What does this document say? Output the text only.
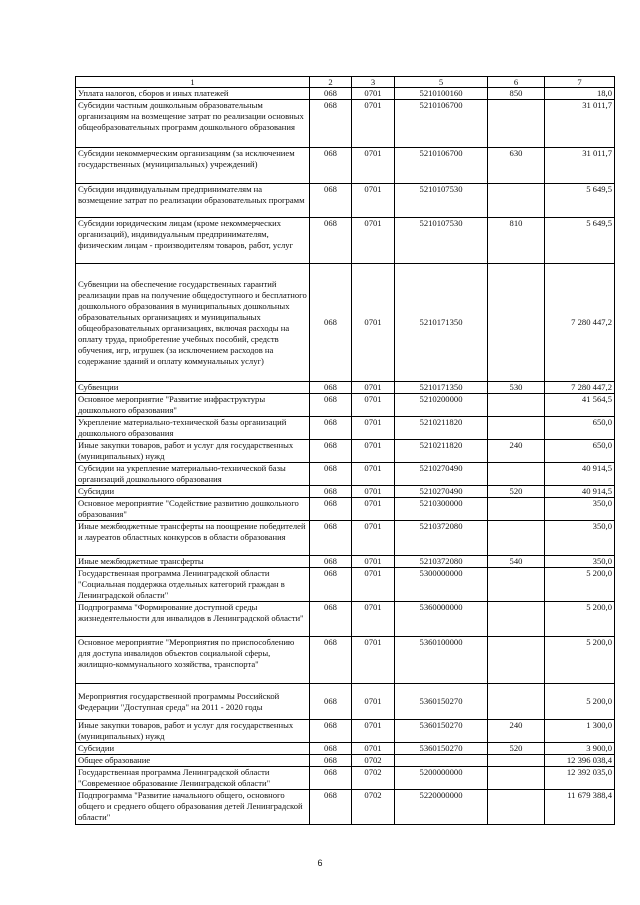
1	2	3	5	6	7
Уплата налогов, сборов и иных платежей	068	0701	5210100160	850	18,0
Субсидии частным дошкольным образовательным организациям на возмещение затрат по реализации основных общеобразовательных программ дошкольного образования	068	0701	5210106700		31 011,7
Субсидии некоммерческим организациям (за исключением государственных (муниципальных) учреждений)	068	0701	5210106700	630	31 011,7
Субсидии индивидуальным предпринимателям на возмещение затрат по реализации образовательных программ	068	0701	5210107530		5 649,5
Субсидии юридическим лицам (кроме некоммерческих организаций), индивидуальным предпринимателям, физическим лицам - производителям товаров, работ, услуг	068	0701	5210107530	810	5 649,5
Субвенции на обеспечение государственных гарантий реализации прав на получение общедоступного и бесплатного дошкольного образования в муниципальных дошкольных образовательных организациях и муниципальных общеобразовательных организациях, включая расходы на оплату труда, приобретение учебных пособий, средств обучения, игр, игрушек (за исключением расходов на содержание зданий и оплату коммунальных услуг)	068	0701	5210171350		7 280 447,2
Субвенции	068	0701	5210171350	530	7 280 447,2
Основное мероприятие "Развитие инфраструктуры дошкольного образования"	068	0701	5210200000		41 564,5
Укрепление материально-технической базы организаций дошкольного образования	068	0701	5210211820		650,0
Иные закупки товаров, работ и услуг для государственных (муниципальных) нужд	068	0701	5210211820	240	650,0
Субсидии на укрепление материально-технической базы организаций дошкольного образования	068	0701	5210270490		40 914,5
Субсидии	068	0701	5210270490	520	40 914,5
Основное мероприятие "Содействие развитию дошкольного образования"	068	0701	5210300000		350,0
Иные межбюджетные трансферты на поощрение победителей и лауреатов областных конкурсов в области образования	068	0701	5210372080		350,0
Иные межбюджетные трансферты	068	0701	5210372080	540	350,0
Государственная программа Ленинградской области "Социальная поддержка отдельных категорий граждан в Ленинградской области"	068	0701	5300000000		5 200,0
Подпрограмма "Формирование доступной среды жизнедеятельности для инвалидов в Ленинградской области"	068	0701	5360000000		5 200,0
Основное мероприятие "Мероприятия по приспособлению для доступа инвалидов объектов социальной сферы, жилищно-коммунального хозяйства, транспорта"	068	0701	5360100000		5 200,0
Мероприятия государственной программы Российской Федерации "Доступная среда" на 2011 - 2020 годы	068	0701	5360150270		5 200,0
Иные закупки товаров, работ и услуг для государственных (муниципальных) нужд	068	0701	5360150270	240	1 300,0
Субсидии	068	0701	5360150270	520	3 900,0
Общее образование	068	0702			12 396 038,4
Государственная программа Ленинградской области "Современное образование Ленинградской области"	068	0702	5200000000		12 392 035,0
Подпрограмма "Развитие начального общего, основного общего и среднего общего образования детей Ленинградской области"	068	0702	5220000000		11 679 388,4
6
